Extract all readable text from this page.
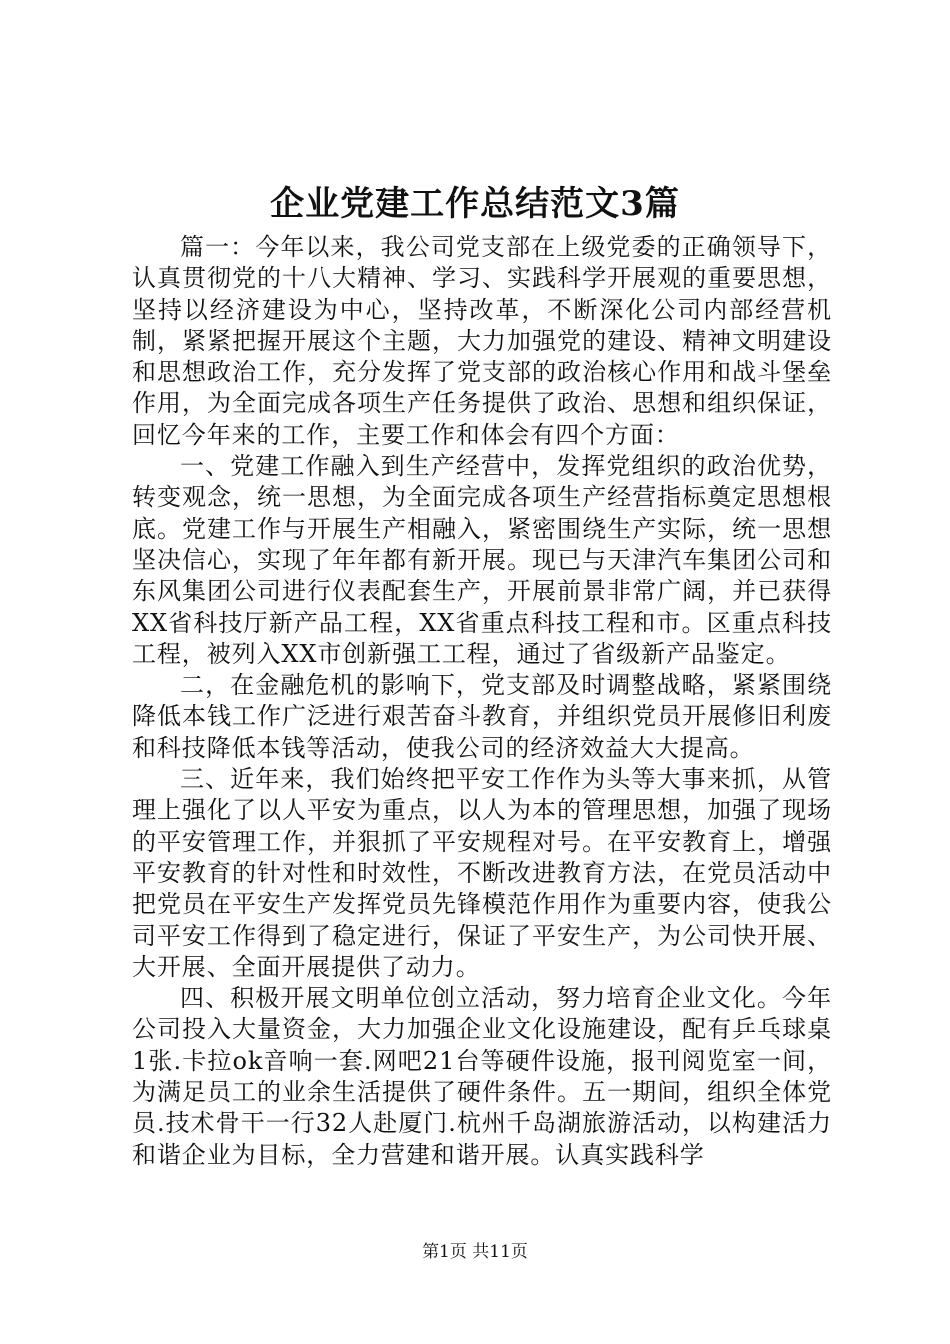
企业党建工作总结范文3篇

篇一：今年以来，我公司党支部在上级党委的正确领导下，认真贯彻党的十八大精神、学习、实践科学开展观的重要思想，坚持以经济建设为中心，坚持改革，不断深化公司内部经营机制，紧紧把握开展这个主题，大力加强党的建设、精神文明建设和思想政治工作，充分发挥了党支部的政治核心作用和战斗堡垒作用，为全面完成各项生产任务提供了政治、思想和组织保证，回忆今年来的工作，主要工作和体会有四个方面：

一、党建工作融入到生产经营中，发挥党组织的政治优势，转变观念，统一思想，为全面完成各项生产经营指标奠定思想根底。党建工作与开展生产相融入，紧密围绕生产实际，统一思想坚决信心，实现了年年都有新开展。现已与天津汽车集团公司和东风集团公司进行仪表配套生产，开展前景非常广阔，并已获得XX省科技厅新产品工程，XX省重点科技工程和市。区重点科技工程，被列入XX市创新强工工程，通过了省级新产品鉴定。

二，在金融危机的影响下，党支部及时调整战略，紧紧围绕降低本钱工作广泛进行艰苦奋斗教育，并组织党员开展修旧利废和科技降低本钱等活动，使我公司的经济效益大大提高。

三、近年来，我们始终把平安工作作为头等大事来抓，从管理上强化了以人平安为重点，以人为本的管理思想，加强了现场的平安管理工作，并狠抓了平安规程对号。在平安教育上，增强平安教育的针对性和时效性，不断改进教育方法，在党员活动中把党员在平安生产发挥党员先锋模范作用作为重要内容，使我公司平安工作得到了稳定进行，保证了平安生产，为公司快开展、大开展、全面开展提供了动力。

四、积极开展文明单位创立活动，努力培育企业文化。今年公司投入大量资金，大力加强企业文化设施建设，配有乒乓球桌1张.卡拉ok音响一套.网吧21台等硬件设施，报刊阅览室一间，为满足员工的业余生活提供了硬件条件。五一期间，组织全体党员.技术骨干一行32人赴厦门.杭州千岛湖旅游活动，以构建活力和谐企业为目标，全力营建和谐开展。认真实践科学

第1页 共11页
